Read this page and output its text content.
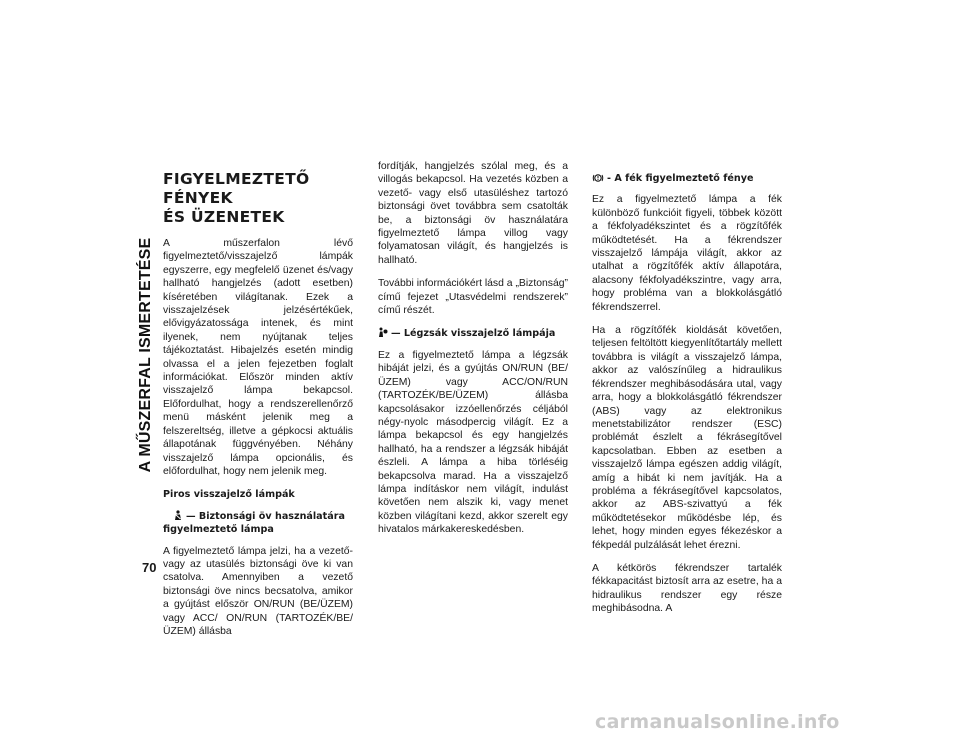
A MŰSZERFAL ISMERTETÉSE
70
FIGYELMEZTETŐ FÉNYEK
ÉS ÜZENETEK

A műszerfalon lévő figyelmeztető/visszajelző lámpák egyszerre, egy megfelelő üzenet és/vagy hallható hangjelzés (adott esetben) kíséretében világítanak. Ezek a visszajelzések jelzésértékűek, elővigyázatossága intenek, és mint ilyenek, nem nyújtanak teljes tájékoztatást. Hibajelzés esetén mindig olvassa el a jelen fejezetben foglalt információkat. Először minden aktív visszajelző lámpa bekapcsol. Előfordulhat, hogy a rendszerellenőrző menü másként jelenik meg a felszereltség, illetve a gépkocsi aktuális állapotának függvényében. Néhány visszajelző lámpa opcionális, és előfordulhat, hogy nem jelenik meg.

Piros visszajelző lámpák
— Biztonsági öv használatára
figyelmeztető lámpa

A figyelmeztető lámpa jelzi, ha a vezető-vagy az utasülés biztonsági öve ki van csatolva. Amennyiben a vezető biztonsági öve nincs becsatolva, amikor a gyújtást először ON/RUN (BE/ÜZEM) vagy ACC/ ON/RUN (TARTOZÉK/BE/ÜZEM) állásba

fordítják, hangjelzés szólal meg, és a villogás bekapcsol. Ha vezetés közben a vezető- vagy első utasüléshez tartozó biztonsági övet továbbra sem csatolták be, a biztonsági öv használatára figyelmeztető lámpa villog vagy folyamatosan világít, és hangjelzés is hallható.

További információkért lásd a „Biztonság” című fejezet „Utasvédelmi rendszerek” című részét.

— Légzsák visszajelző lámpája

Ez a figyelmeztető lámpa a légzsák hibáját jelzi, és a gyújtás ON/RUN (BE/ÜZEM) vagy ACC/ON/RUN (TARTOZÉK/BE/ÜZEM) állásba kapcsolásakor izzóellenőrzés céljából négy-nyolc másodpercig világít. Ez a lámpa bekapcsol és egy hangjelzés hallható, ha a rendszer a légzsák hibáját észleli. A lámpa a hiba törléséig bekapcsolva marad. Ha a visszajelző lámpa indításkor nem világít, indulást követően nem alszik ki, vagy menet közben világítani kezd, akkor szerelt egy hivatalos márkakereskedésben.

- A fék figyelmeztető fénye

Ez a figyelmeztető lámpa a fék különböző funkcióit figyeli, többek között a fékfolyadékszintet és a rögzítőfék működtetését. Ha a fékrendszer visszajelző lámpája világít, akkor az utalhat a rögzítőfék aktív állapotára, alacsony fékfolyadékszintre, vagy arra, hogy probléma van a blokkolásgátló fékrendszerrel.

Ha a rögzítőfék kioldását követően, teljesen feltöltött kiegyenlítőtartály mellett továbbra is világít a visszajelző lámpa, akkor az valószínűleg a hidraulikus fékrendszer meghibásodására utal, vagy arra, hogy a blokkolásgátló fékrendszer (ABS) vagy az elektronikus menetstabilizátor rendszer (ESC) problémát észlelt a fékrásegítővel kapcsolatban. Ebben az esetben a visszajelző lámpa egészen addig világít, amíg a hibát ki nem javítják. Ha a probléma a fékrásegítővel kapcsolatos, akkor az ABS-szivattyú a fék működtetésekor működésbe lép, és lehet, hogy minden egyes fékezéskor a fékpedál pulzálását lehet érezni.

A kétkörös fékrendszer tartalék fékkapacitást biztosít arra az esetre, ha a hidraulikus rendszer egy része meghibásodna. A

carmanualsonline.info
